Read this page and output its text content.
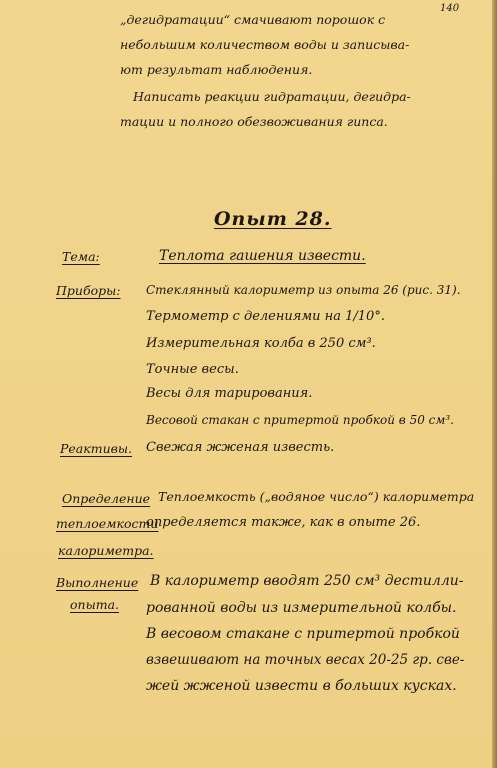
140
„дегидратации“ смачивают порошок с
небольшим количеством воды и записыва-
ют результат наблюдения.
Написать реакции гидратации, дегидра-
тации и полного обезвоживания гипса.
Опыт 28.
Тема:	Теплота гашения извести.
Приборы: Стеклянный калориметр из опыта 26 (рис. 31).
Термометр с делениями на 1/10°.
Измерительная колба в 250 см³.
Точные весы.
Весы для тарирования.
Весовой стакан с притертой пробкой в 50 см³.
Реактивы. Свежая жженая известь.
Определение
теплоемкости
калориметра.
Теплоемкость („водяное число“) калориметра
определяется также, как в опыте 26.
Выполнение
опыта.
В калориметр вводят 250 см³ дестилли-
рованной воды из измерительной колбы.
В весовом стакане с притертой пробкой
взвешивают на точных весах 20-25 гр. све-
жей жженой извести в больших кусках.
